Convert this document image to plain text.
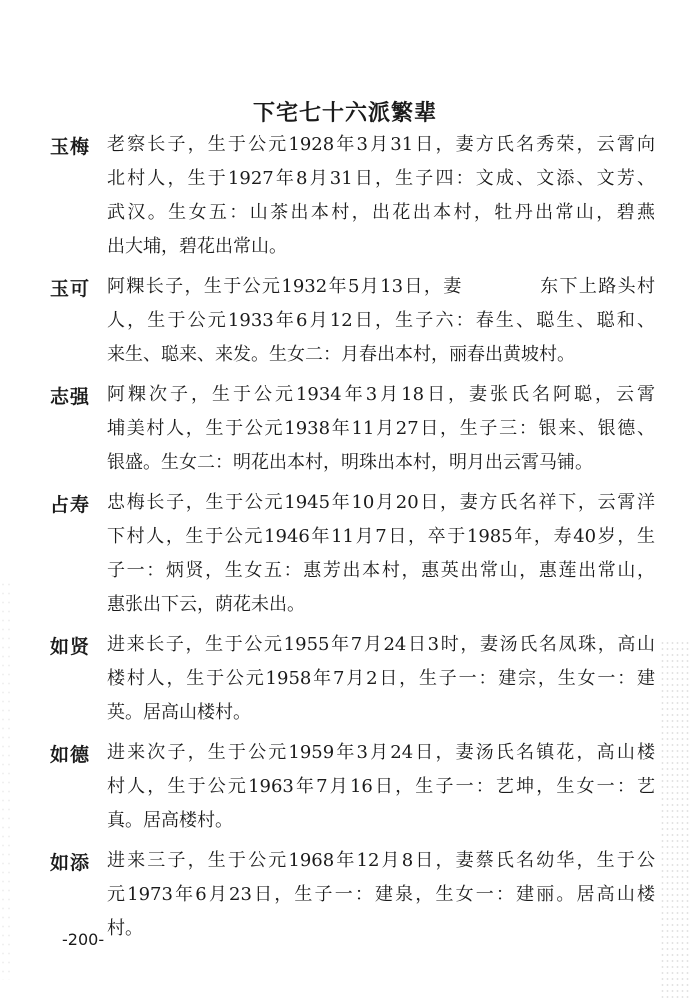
下宅七十六派繁辈
玉梅 老察长子，生于公元1928年3月31日，妻方氏名秀荣，云霄向
北村人，生于1927年8月31日，生子四：文成、文添、文芳、
武汉。生女五：山茶出本村，出花出本村，牡丹出常山，碧燕
出大埔，碧花出常山。
玉可 阿粿长子，生于公元1932年5月13日，妻　　　　东下上路头村
人，生于公元1933年6月12日，生子六：春生、聪生、聪和、
来生、聪来、来发。生女二：月春出本村，丽春出黄坡村。
志强 阿粿次子，生于公元1934年3月18日，妻张氏名阿聪，云霄
埔美村人，生于公元1938年11月27日，生子三：银来、银德、
银盛。生女二：明花出本村，明珠出本村，明月出云霄马铺。
占寿 忠梅长子，生于公元1945年10月20日，妻方氏名祥下，云霄洋
下村人，生于公元1946年11月7日，卒于1985年，寿40岁，生
子一：炳贤，生女五：惠芳出本村，惠英出常山，惠莲出常山，
惠张出下云，荫花未出。
如贤 进来长子，生于公元1955年7月24日3时，妻汤氏名凤珠，高山
楼村人，生于公元1958年7月2日，生子一：建宗，生女一：建
英。居高山楼村。
如德 进来次子，生于公元1959年3月24日，妻汤氏名镇花，高山楼
村人，生于公元1963年7月16日，生子一：艺坤，生女一：艺
真。居高楼村。
如添 进来三子，生于公元1968年12月8日，妻蔡氏名幼华，生于公
元1973年6月23日，生子一：建泉，生女一：建丽。居高山楼
村。
-200-
